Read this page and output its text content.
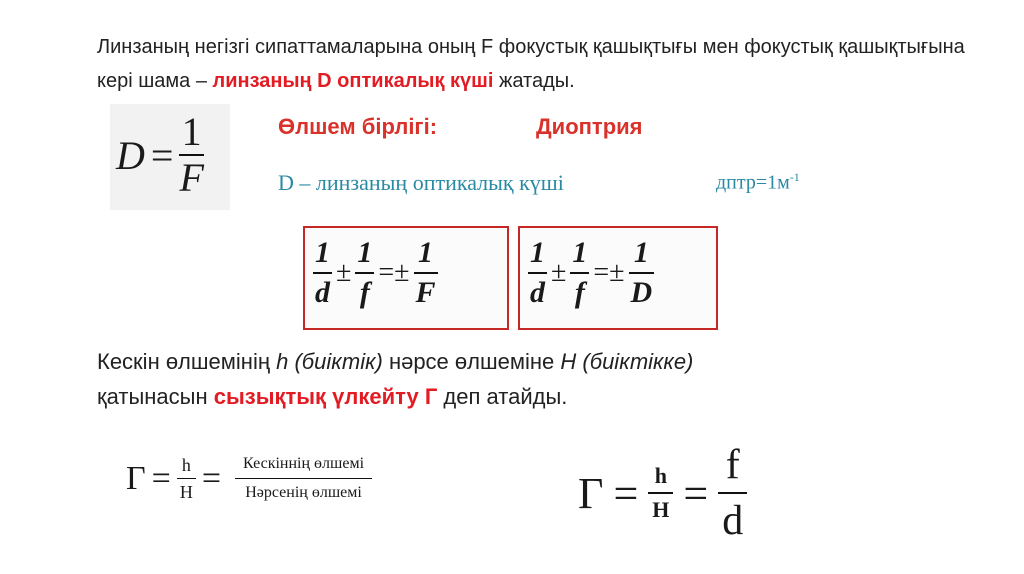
Линзаның негізгі сипаттамаларына оның F фокустық қашықтығы мен фокустық қашықтығына кері шама – линзаның D оптикалық күші жатады.
$D = \frac{1}{F}$	Өлшем бірлігі:	Диоптрия
D – линзаның оптикалық күші	$дптр=1м^{-1}$
$\frac{1}{d} \pm \frac{1}{f} =\pm \frac{1}{F}$	$\frac{1}{d} \pm \frac{1}{f} =\pm \frac{1}{D}$
Кескін өлшемінің h (биіктік) нәрсе өлшеміне H (биіктікке)
қатынасын сызықтық үлкейту Г деп атайды.
$Г = \frac{h}{H} = \frac{\text{Кескіннің өлшемі}}{\text{Нәрсенің өлшемі}}$	$Г = \frac{h}{H} = \frac{f}{d}$
